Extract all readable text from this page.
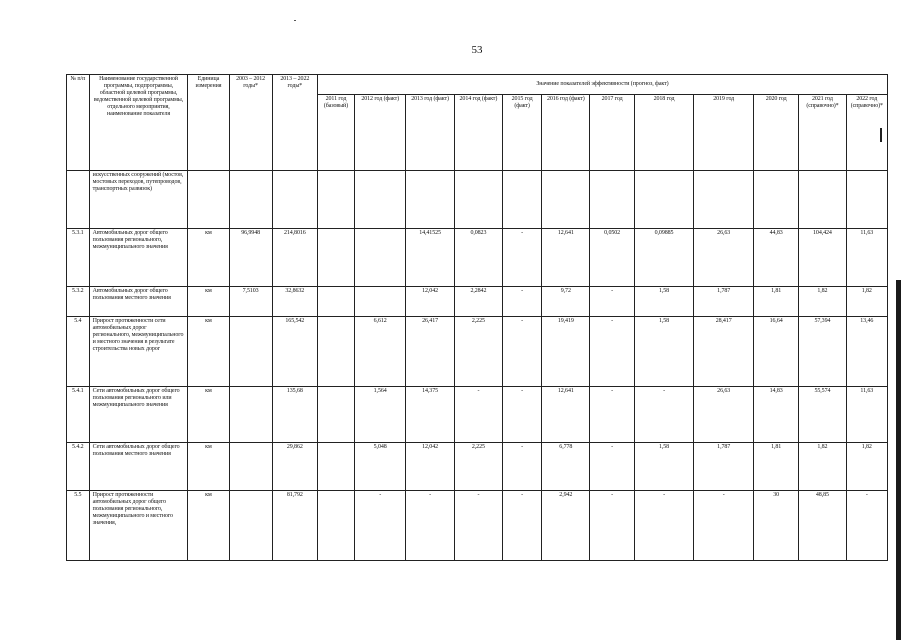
53
№ п/п	Наименование государственной программы, подпрограммы, областной целевой программы, ведомственной целевой программы, отдельного мероприятия, наименование показателя	Единица измерения	2003 – 2012 годы*	2013 – 2022 годы*	Значение показателей эффективности (прогноз, факт)											
					2011 год (базовый)	2012 год (факт)	2013 год (факт)	2014 год (факт)	2015 год (факт)	2016 год (факт)	2017 год	2018 год	2019 год	2020 год	2021 год (справочно)*	2022 год (справочно)*
	искусственных сооружений (мостов, мостовых переходов, путепроводов, транспортных развязок)															
5.3.1	Автомобильных дорог общего пользования регионального, межмуниципального значения	км	96,9948	214,8016			14,41525	0,0823	-	12,641	0,0502	0,09885	26,63	44,83	104,424	11,63
5.3.2	Автомобильных дорог общего пользования местного значения	км	7,5103	32,8632			12,042	2,2842	-	9,72	-	1,58	1,787	1,81	1,82	1,82
5.4	Прирост протяженности сети автомобильных дорог регионального, межмуниципального и местного значения в результате строительства новых дорог	км		165,542		6,612	26,417	2,225	-	19,419	-	1,58	28,417	16,64	57,394	13,46
5.4.1	Сети автомобильных дорог общего пользования регионального или межмуниципального значения	км		135,68		1,564	14,375	-	-	12,641	-	-	26,63	14,83	55,574	11,63
5.4.2	Сети автомобильных дорог общего пользования местного значения	км		29,862		5,048	12,042	2,225	-	6,778	-	1,58	1,787	1,81	1,82	1,82
5.5	Прирост протяженности автомобильных дорог общего пользования регионального, межмуниципального и местного значения,	км		81,792		-	-	-	-	2,942	-	-	-	30	48,85	-
